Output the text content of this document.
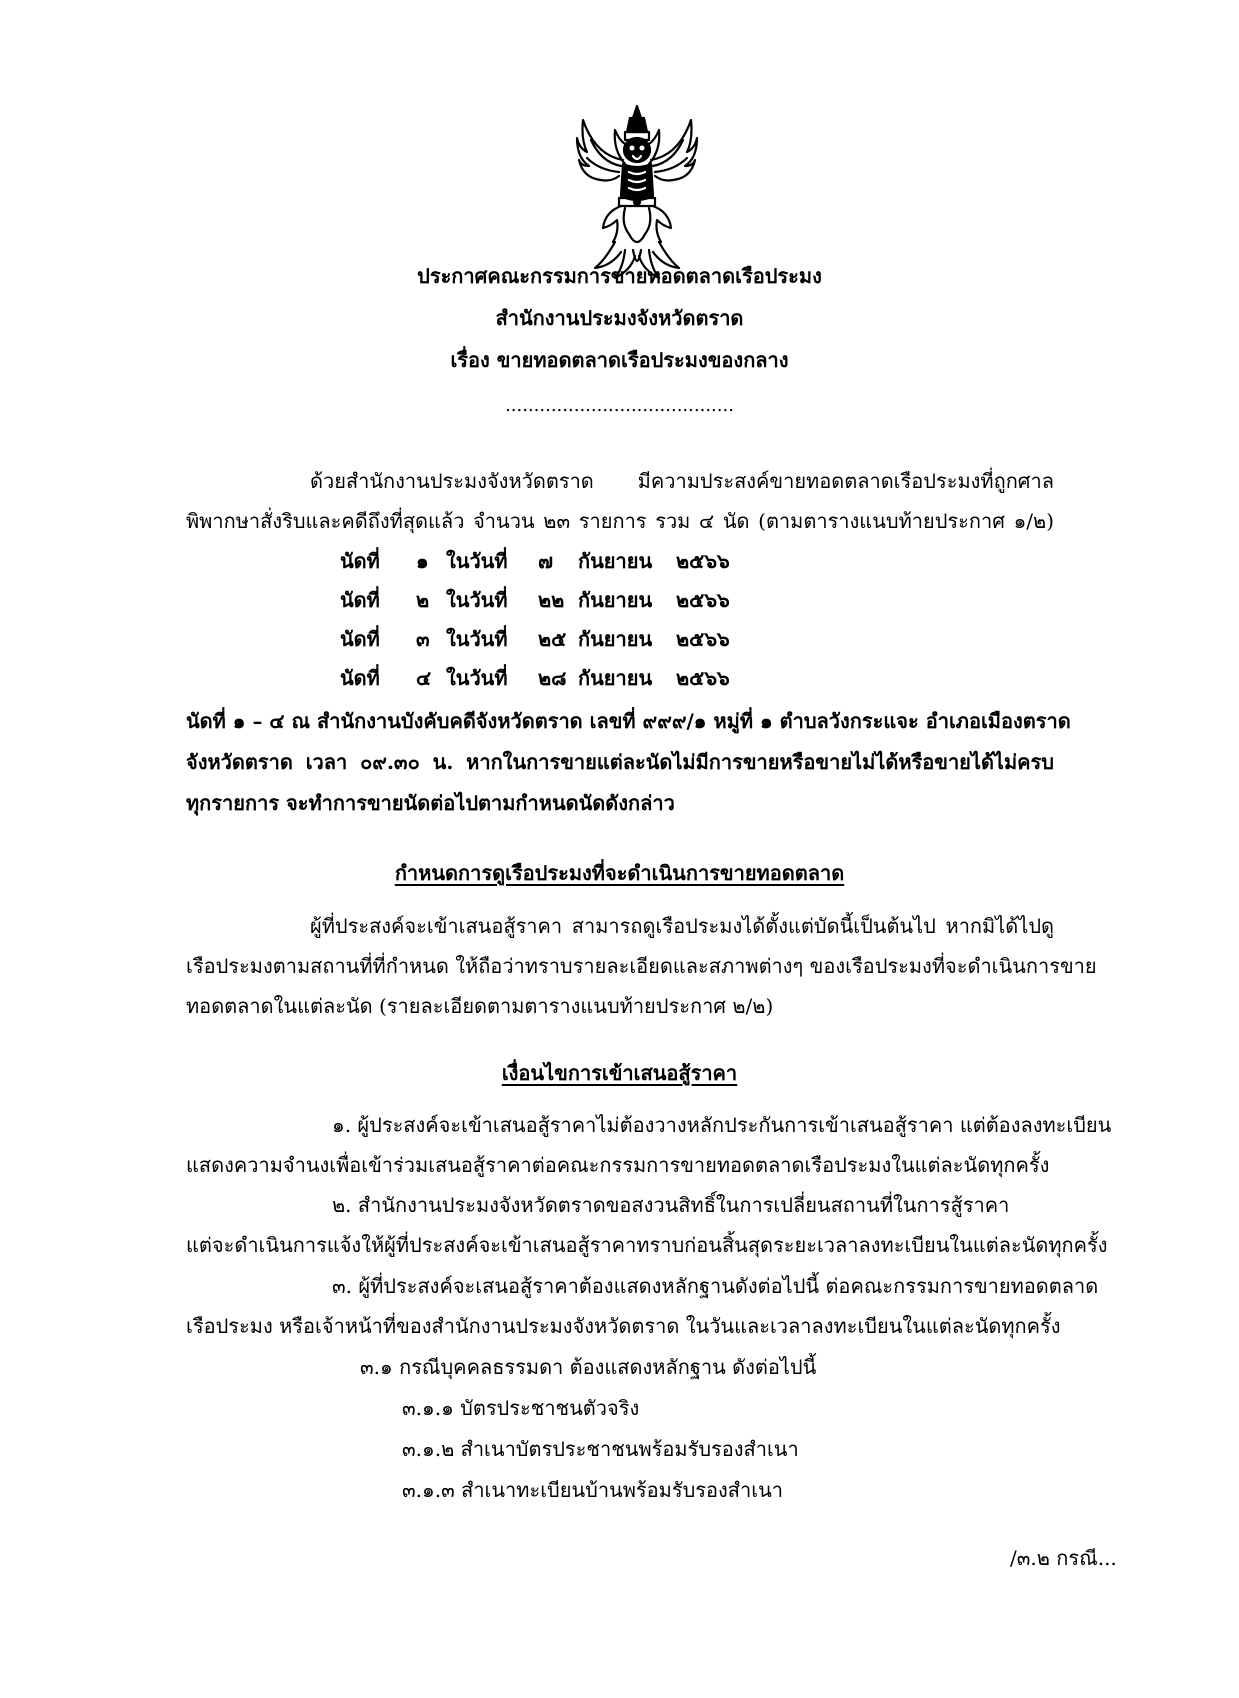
ประกาศคณะกรรมการขายทอดตลาดเรือประมง
สำนักงานประมงจังหวัดตราด
เรื่อง ขายทอดตลาดเรือประมงของกลาง
........................................
ด้วยสำนักงานประมงจังหวัดตราด มีความประสงค์ขายทอดตลาดเรือประมงที่ถูกศาล
พิพากษาสั่งริบและคดีถึงที่สุดแล้ว จำนวน ๒๓ รายการ รวม ๔ นัด (ตามตารางแนบท้ายประกาศ ๑/๒)
นัดที่ ๑ ในวันที่ ๗ กันยายน ๒๕๖๖
นัดที่ ๒ ในวันที่ ๒๒ กันยายน ๒๕๖๖
นัดที่ ๓ ในวันที่ ๒๕ กันยายน ๒๕๖๖
นัดที่ ๔ ในวันที่ ๒๘ กันยายน ๒๕๖๖
นัดที่ ๑ – ๔ ณ สำนักงานบังคับคดีจังหวัดตราด เลขที่ ๙๙๙/๑ หมู่ที่ ๑ ตำบลวังกระแจะ อำเภอเมืองตราด
จังหวัดตราด เวลา ๐๙.๓๐ น. หากในการขายแต่ละนัดไม่มีการขายหรือขายไม่ได้หรือขายได้ไม่ครบ
ทุกรายการ จะทำการขายนัดต่อไปตามกำหนดนัดดังกล่าว
กำหนดการดูเรือประมงที่จะดำเนินการขายทอดตลาด
ผู้ที่ประสงค์จะเข้าเสนอสู้ราคา สามารถดูเรือประมงได้ตั้งแต่บัดนี้เป็นต้นไป หากมิได้ไปดู
เรือประมงตามสถานที่ที่กำหนด ให้ถือว่าทราบรายละเอียดและสภาพต่างๆ ของเรือประมงที่จะดำเนินการขาย
ทอดตลาดในแต่ละนัด (รายละเอียดตามตารางแนบท้ายประกาศ ๒/๒)
เงื่อนไขการเข้าเสนอสู้ราคา
๑. ผู้ประสงค์จะเข้าเสนอสู้ราคาไม่ต้องวางหลักประกันการเข้าเสนอสู้ราคา แต่ต้องลงทะเบียน
แสดงความจำนงเพื่อเข้าร่วมเสนอสู้ราคาต่อคณะกรรมการขายทอดตลาดเรือประมงในแต่ละนัดทุกครั้ง
๒. สำนักงานประมงจังหวัดตราดขอสงวนสิทธิ์ในการเปลี่ยนสถานที่ในการสู้ราคา
แต่จะดำเนินการแจ้งให้ผู้ที่ประสงค์จะเข้าเสนอสู้ราคาทราบก่อนสิ้นสุดระยะเวลาลงทะเบียนในแต่ละนัดทุกครั้ง
๓. ผู้ที่ประสงค์จะเสนอสู้ราคาต้องแสดงหลักฐานดังต่อไปนี้ ต่อคณะกรรมการขายทอดตลาด
เรือประมง หรือเจ้าหน้าที่ของสำนักงานประมงจังหวัดตราด ในวันและเวลาลงทะเบียนในแต่ละนัดทุกครั้ง
๓.๑ กรณีบุคคลธรรมดา ต้องแสดงหลักฐาน ดังต่อไปนี้
๓.๑.๑ บัตรประชาชนตัวจริง
๓.๑.๒ สำเนาบัตรประชาชนพร้อมรับรองสำเนา
๓.๑.๓ สำเนาทะเบียนบ้านพร้อมรับรองสำเนา
/๓.๒ กรณี...
